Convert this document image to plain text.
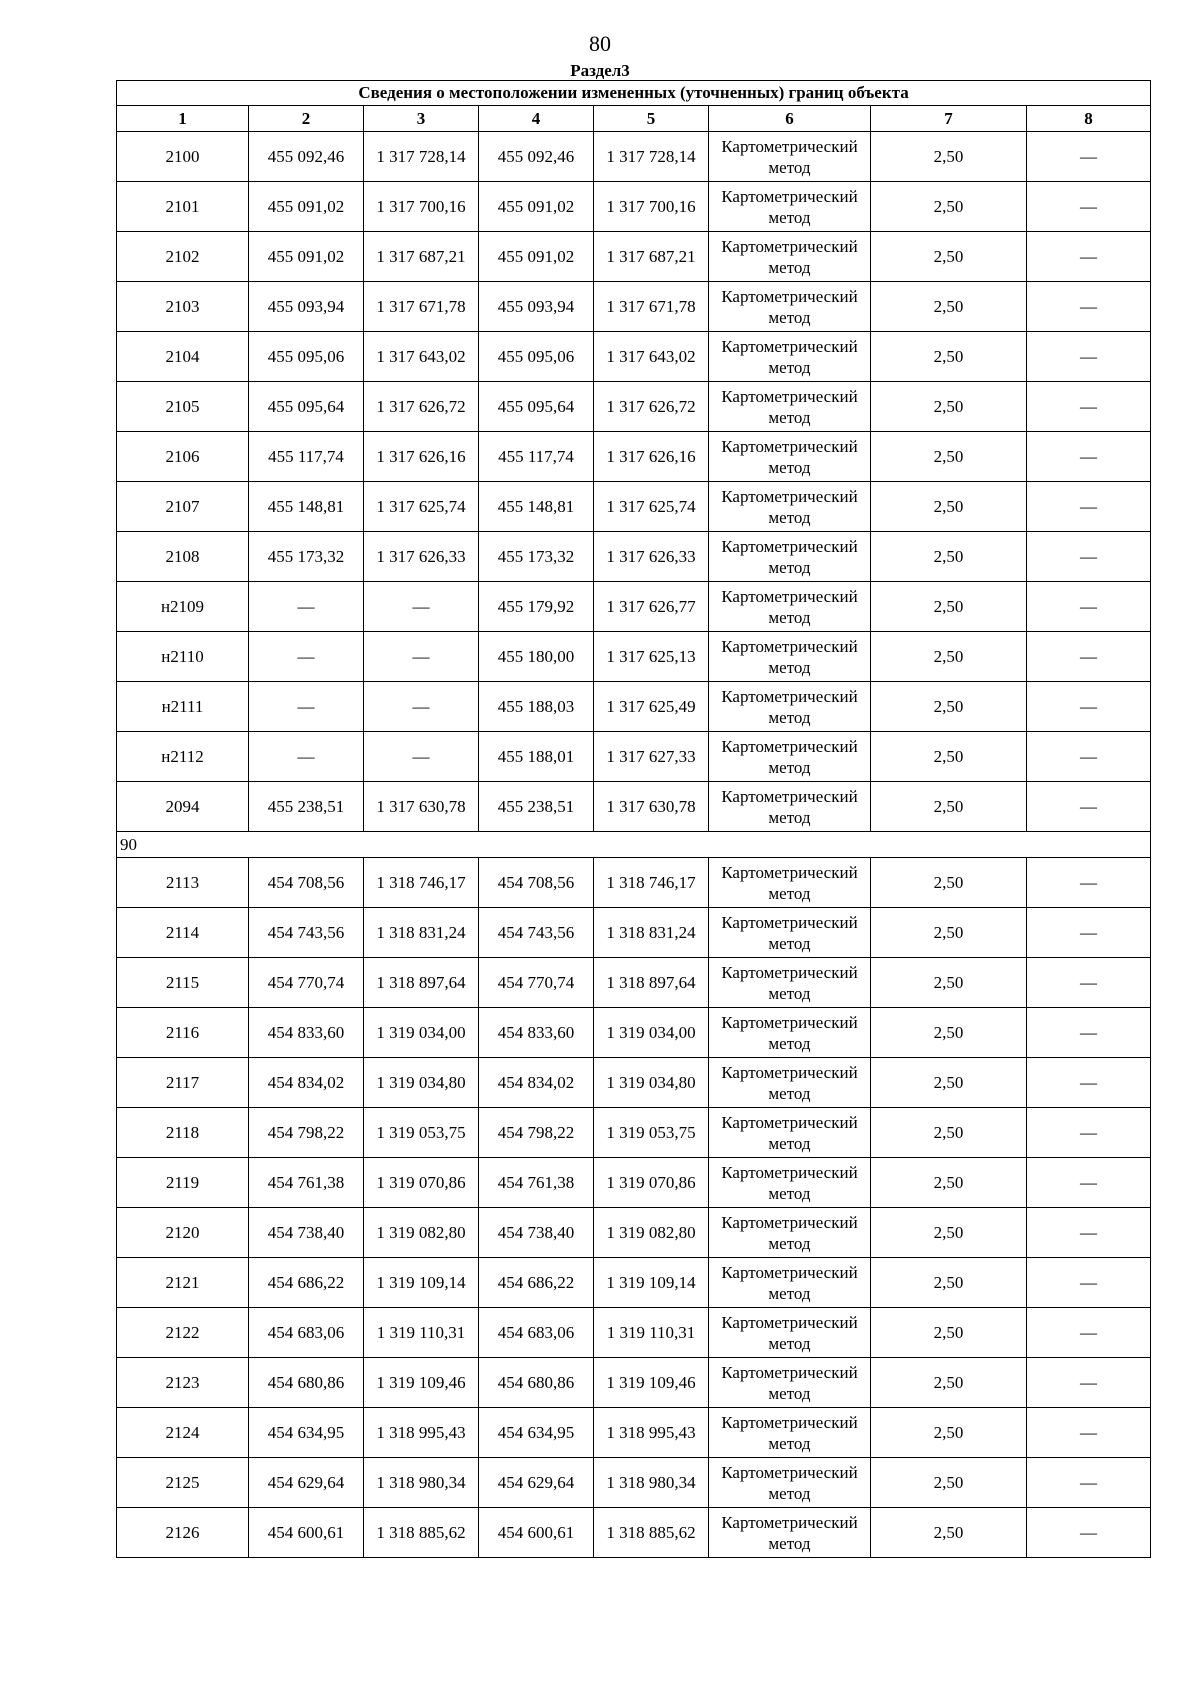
80
Раздел3
Сведения о местоположении измененных (уточненных) границ объекта							
1	2	3	4	5	6	7	8
2100	455 092,46	1 317 728,14	455 092,46	1 317 728,14	Картометрический метод	2,50	—
2101	455 091,02	1 317 700,16	455 091,02	1 317 700,16	Картометрический метод	2,50	—
2102	455 091,02	1 317 687,21	455 091,02	1 317 687,21	Картометрический метод	2,50	—
2103	455 093,94	1 317 671,78	455 093,94	1 317 671,78	Картометрический метод	2,50	—
2104	455 095,06	1 317 643,02	455 095,06	1 317 643,02	Картометрический метод	2,50	—
2105	455 095,64	1 317 626,72	455 095,64	1 317 626,72	Картометрический метод	2,50	—
2106	455 117,74	1 317 626,16	455 117,74	1 317 626,16	Картометрический метод	2,50	—
2107	455 148,81	1 317 625,74	455 148,81	1 317 625,74	Картометрический метод	2,50	—
2108	455 173,32	1 317 626,33	455 173,32	1 317 626,33	Картометрический метод	2,50	—
н2109	—	—	455 179,92	1 317 626,77	Картометрический метод	2,50	—
н2110	—	—	455 180,00	1 317 625,13	Картометрический метод	2,50	—
н2111	—	—	455 188,03	1 317 625,49	Картометрический метод	2,50	—
н2112	—	—	455 188,01	1 317 627,33	Картометрический метод	2,50	—
2094	455 238,51	1 317 630,78	455 238,51	1 317 630,78	Картометрический метод	2,50	—
90							
2113	454 708,56	1 318 746,17	454 708,56	1 318 746,17	Картометрический метод	2,50	—
2114	454 743,56	1 318 831,24	454 743,56	1 318 831,24	Картометрический метод	2,50	—
2115	454 770,74	1 318 897,64	454 770,74	1 318 897,64	Картометрический метод	2,50	—
2116	454 833,60	1 319 034,00	454 833,60	1 319 034,00	Картометрический метод	2,50	—
2117	454 834,02	1 319 034,80	454 834,02	1 319 034,80	Картометрический метод	2,50	—
2118	454 798,22	1 319 053,75	454 798,22	1 319 053,75	Картометрический метод	2,50	—
2119	454 761,38	1 319 070,86	454 761,38	1 319 070,86	Картометрический метод	2,50	—
2120	454 738,40	1 319 082,80	454 738,40	1 319 082,80	Картометрический метод	2,50	—
2121	454 686,22	1 319 109,14	454 686,22	1 319 109,14	Картометрический метод	2,50	—
2122	454 683,06	1 319 110,31	454 683,06	1 319 110,31	Картометрический метод	2,50	—
2123	454 680,86	1 319 109,46	454 680,86	1 319 109,46	Картометрический метод	2,50	—
2124	454 634,95	1 318 995,43	454 634,95	1 318 995,43	Картометрический метод	2,50	—
2125	454 629,64	1 318 980,34	454 629,64	1 318 980,34	Картометрический метод	2,50	—
2126	454 600,61	1 318 885,62	454 600,61	1 318 885,62	Картометрический метод	2,50	—
